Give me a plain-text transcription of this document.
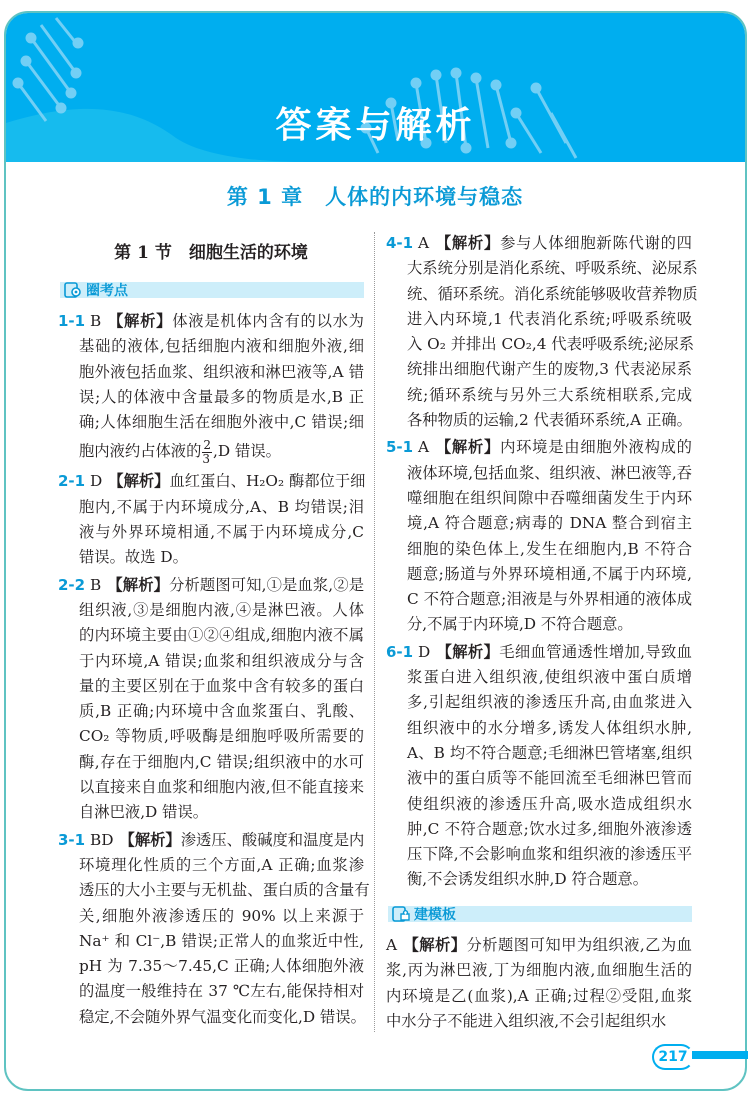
答案与解析
第 1 章　人体的内环境与稳态
第 1 节　细胞生活的环境
圈考点
1-1 B 【解析】体液是机体内含有的以水为
基础的液体,包括细胞内液和细胞外液,细
胞外液包括血浆、组织液和淋巴液等,A 错
误;人的体液中含量最多的物质是水,B 正
确;人体细胞生活在细胞外液中,C 错误;细
胞内液约占体液的 $\frac{2}{3} ,D$ 错误。
2-1 D 【解析】血红蛋白、H₂O₂ 酶都位于细
胞内,不属于内环境成分,A、B 均错误;泪
液与外界环境相通,不属于内环境成分,C
错误。故选 D。
2-2 B 【解析】分析题图可知,①是血浆,②是
组织液,③是细胞内液,④是淋巴液。人体
的内环境主要由①②④组成,细胞内液不属
于内环境,A 错误;血浆和组织液成分与含
量的主要区别在于血浆中含有较多的蛋白
质,B 正确;内环境中含血浆蛋白、乳酸、
CO₂ 等物质,呼吸酶是细胞呼吸所需要的
酶,存在于细胞内,C 错误;组织液中的水可
以直接来自血浆和细胞内液,但不能直接来
自淋巴液,D 错误。
3-1 BD 【解析】渗透压、酸碱度和温度是内
环境理化性质的三个方面,A 正确;血浆渗
透压的大小主要与无机盐、蛋白质的含量有
关,细胞外液渗透压的 90% 以上来源于
Na⁺ 和 Cl⁻,B 错误;正常人的血浆近中性,
pH 为 7.35～7.45,C 正确;人体细胞外液
的温度一般维持在 37 ℃左右,能保持相对
稳定,不会随外界气温变化而变化,D 错误。
4-1 A 【解析】参与人体细胞新陈代谢的四
大系统分别是消化系统、呼吸系统、泌尿系
统、循环系统。消化系统能够吸收营养物质
进入内环境,1 代表消化系统;呼吸系统吸
入 O₂ 并排出 CO₂,4 代表呼吸系统;泌尿系
统排出细胞代谢产生的废物,3 代表泌尿系
统;循环系统与另外三大系统相联系,完成
各种物质的运输,2 代表循环系统,A 正确。
5-1 A 【解析】内环境是由细胞外液构成的
液体环境,包括血浆、组织液、淋巴液等,吞
噬细胞在组织间隙中吞噬细菌发生于内环
境,A 符合题意;病毒的 DNA 整合到宿主
细胞的染色体上,发生在细胞内,B 不符合
题意;肠道与外界环境相通,不属于内环境,
C 不符合题意;泪液是与外界相通的液体成
分,不属于内环境,D 不符合题意。
6-1 D 【解析】毛细血管通透性增加,导致血
浆蛋白进入组织液,使组织液中蛋白质增
多,引起组织液的渗透压升高,由血浆进入
组织液中的水分增多,诱发人体组织水肿,
A、B 均不符合题意;毛细淋巴管堵塞,组织
液中的蛋白质等不能回流至毛细淋巴管而
使组织液的渗透压升高,吸水造成组织水
肿,C 不符合题意;饮水过多,细胞外液渗透
压下降,不会影响血浆和组织液的渗透压平
衡,不会诱发组织水肿,D 符合题意。
建模板
A 【解析】分析题图可知甲为组织液,乙为血
浆,丙为淋巴液,丁为细胞内液,血细胞生活的
内环境是乙(血浆),A 正确;过程②受阻,血浆
中水分子不能进入组织液,不会引起组织水
217
